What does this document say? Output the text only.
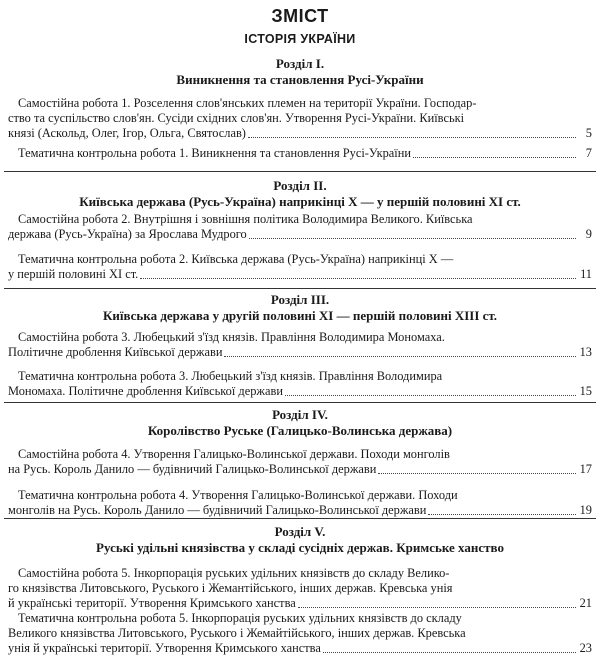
ЗМІСТ
ІСТОРІЯ УКРАЇНИ
Розділ І.
Виникнення та становлення Русі-України
Самостійна робота 1. Розселення слов'янських племен на території України. Господар-
ство та суспільство слов'ян. Сусіди східних слов'ян. Утворення Русі-України. Київські
князі (Аскольд, Олег, Ігор, Ольга, Святослав)	5
Тематична контрольна робота 1. Виникнення та становлення Русі-України	7
Розділ ІІ.
Київська держава (Русь-Україна) наприкінці Х — у першій половині ХІ ст.
Самостійна робота 2. Внутрішня і зовнішня політика Володимира Великого. Київська
держава (Русь-Україна) за Ярослава Мудрого	9
Тематична контрольна робота 2. Київська держава (Русь-Україна) наприкінці Х —
у першій половині ХІ ст.	11
Розділ ІІІ.
Київська держава у другій половині ХІ — першій половині ХІІІ ст.
Самостійна робота 3. Любецький з'їзд князів. Правління Володимира Мономаха.
Політичне дроблення Київської держави	13
Тематична контрольна робота 3. Любецький з'їзд князів. Правління Володимира
Мономаха. Політичне дроблення Київської держави	15
Розділ IV.
Королівство Руське (Галицько-Волинська держава)
Самостійна робота 4. Утворення Галицько-Волинської держави. Походи монголів
на Русь. Король Данило — будівничий Галицько-Волинської держави	17
Тематична контрольна робота 4. Утворення Галицько-Волинської держави. Походи
монголів на Русь. Король Данило — будівничий Галицько-Волинської держави	19
Розділ V.
Руські удільні князівства у складі сусідніх держав. Кримське ханство
Самостійна робота 5. Інкорпорація руських удільних князівств до складу Велико-
го князівства Литовського, Руського і Жемантійського, інших держав. Кревська унія
й українські території. Утворення Кримського ханства	21
Тематична контрольна робота 5. Інкорпорація руських удільних князівств до складу
Великого князівства Литовського, Руського і Жемайтійського, інших держав. Кревська
унія й українські території. Утворення Кримського ханства	23
